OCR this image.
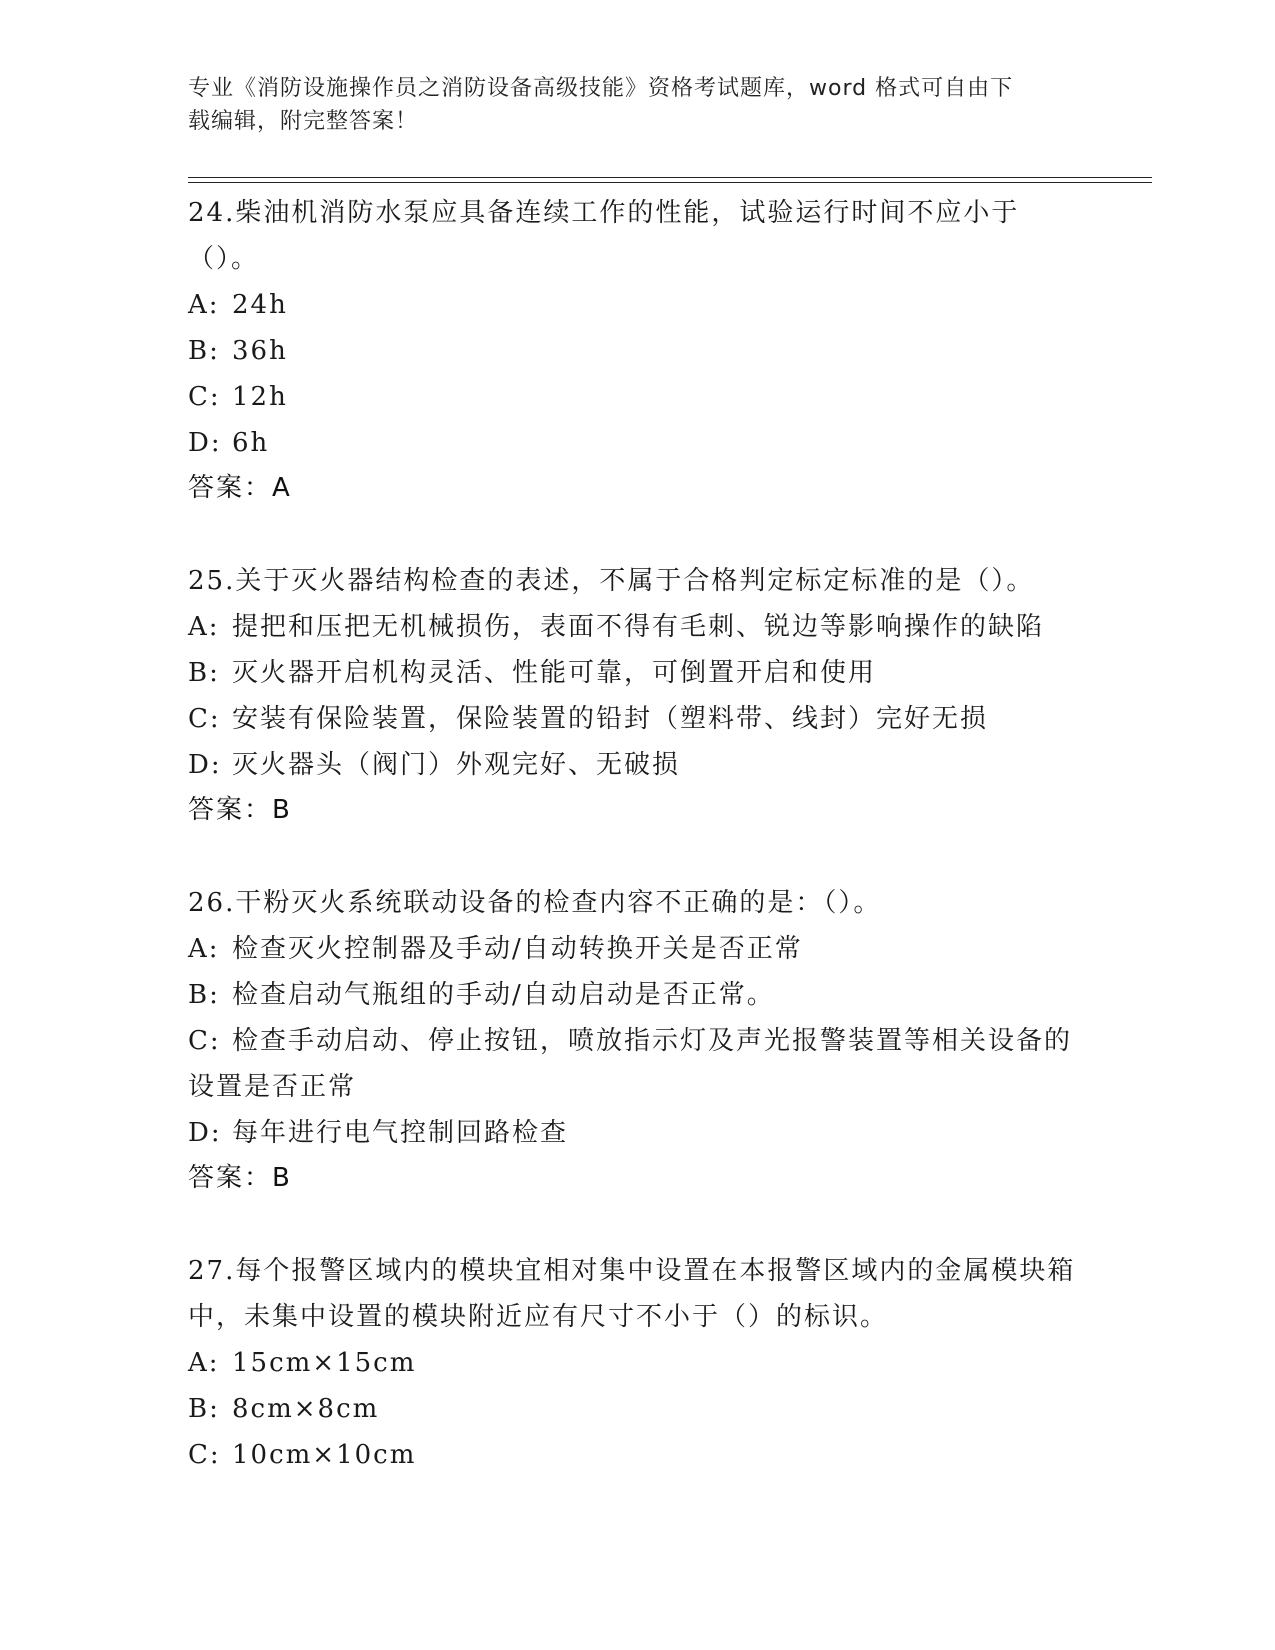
专业《消防设施操作员之消防设备高级技能》资格考试题库，word 格式可自由下
载编辑，附完整答案！

24.柴油机消防水泵应具备连续工作的性能，试验运行时间不应小于（）。

A: 24h

B: 36h

C: 12h

D: 6h

答案：A

25.关于灭火器结构检查的表述，不属于合格判定标定标准的是（）。

A: 提把和压把无机械损伤，表面不得有毛刺、锐边等影响操作的缺陷

B: 灭火器开启机构灵活、性能可靠，可倒置开启和使用

C: 安装有保险装置，保险装置的铅封（塑料带、线封）完好无损

D: 灭火器头（阀门）外观完好、无破损

答案：B

26.干粉灭火系统联动设备的检查内容不正确的是：（）。

A: 检查灭火控制器及手动/自动转换开关是否正常

B: 检查启动气瓶组的手动/自动启动是否正常。

C: 检查手动启动、停止按钮，喷放指示灯及声光报警装置等相关设备的设置是否正常

D: 每年进行电气控制回路检查

答案：B

27.每个报警区域内的模块宜相对集中设置在本报警区域内的金属模块箱中，未集中设置的模块附近应有尺寸不小于（）的标识。

A: 15cm×15cm

B: 8cm×8cm

C: 10cm×10cm
